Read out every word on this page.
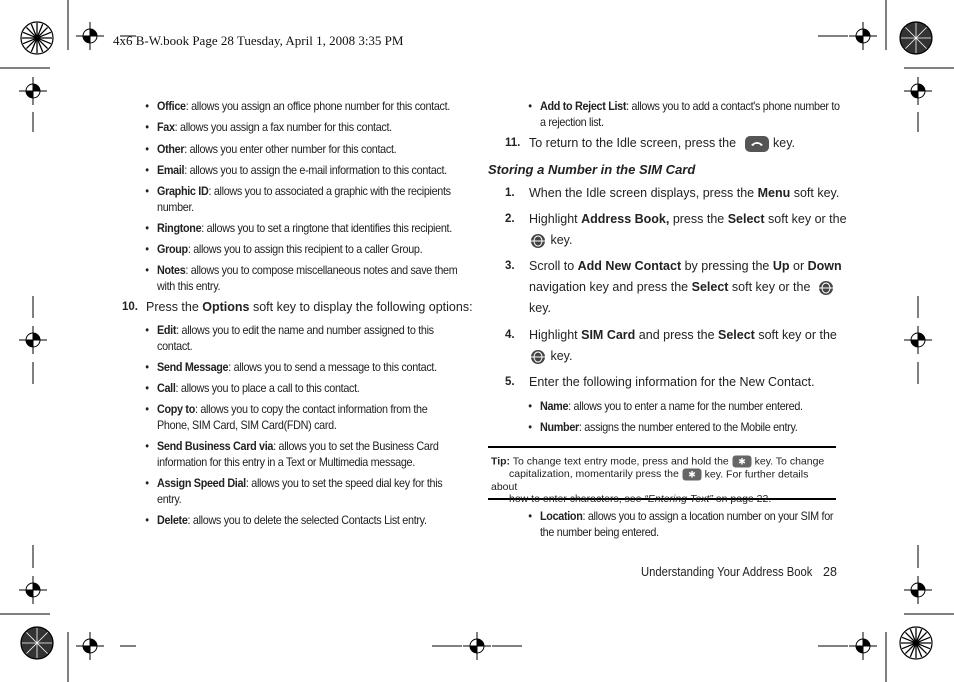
4x6 B-W.book Page 28 Tuesday, April 1, 2008 3:35 PM
• Office: allows you assign an office phone number for this contact.
• Fax: allows you assign a fax number for this contact.
• Other: allows you enter other number for this contact.
• Email: allows you to assign the e-mail information to this contact.
• Graphic ID: allows you to associated a graphic with the recipients
number.
• Ringtone: allows you to set a ringtone that identifies this recipient.
• Group: allows you to assign this recipient to a caller Group.
• Notes: allows you to compose miscellaneous notes and save them
with this entry.
10. Press the Options soft key to display the following options:
• Edit: allows you to edit the name and number assigned to this
contact.
• Send Message: allows you to send a message to this contact.
• Call: allows you to place a call to this contact.
• Copy to: allows you to copy the contact information from the
Phone, SIM Card, SIM Card(FDN) card.
• Send Business Card via: allows you to set the Business Card
information for this entry in a Text or Multimedia message.
• Assign Speed Dial: allows you to set the speed dial key for this
entry.
• Delete: allows you to delete the selected Contacts List entry.
• Add to Reject List: allows you to add a contact's phone number to
a rejection list.
11. To return to the Idle screen, press the	key.
Storing a Number in the SIM Card
1. When the Idle screen displays, press the Menu soft key.
2. Highlight Address Book, press the Select soft key or the
key.
3. Scroll to Add New Contact by pressing the Up or Down
navigation key and press the Select soft key or the
key.
4. Highlight SIM Card and press the Select soft key or the
key.
5. Enter the following information for the New Contact.
• Name: allows you to enter a name for the number entered.
• Number: assigns the number entered to the Mobile entry.
Tip: To change text entry mode, press and hold the ✱ key. To change
capitalization, momentarily press the ✱ key. For further details about
how to enter characters, see “Entering Text” on page 22.
• Location: allows you to assign a location number on your SIM for
the number being entered.
Understanding Your Address Book 28
